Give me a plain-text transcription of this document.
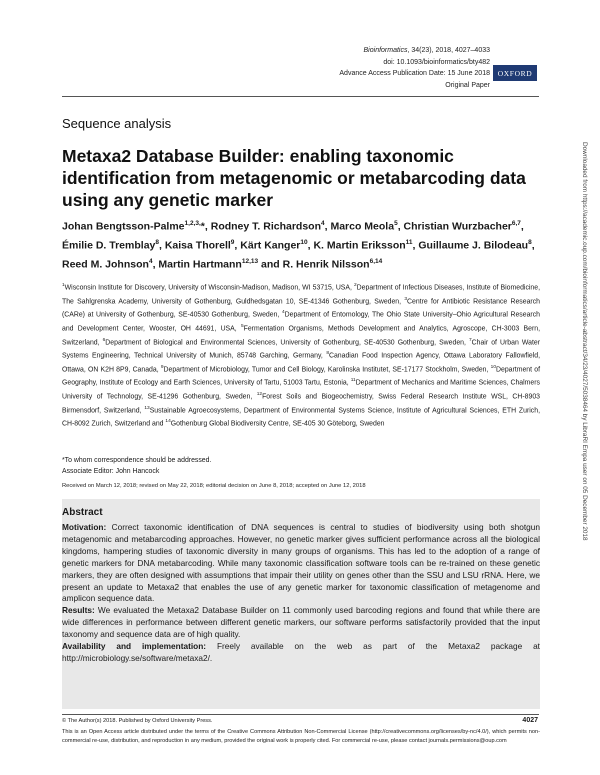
Bioinformatics, 34(23), 2018, 4027–4033
doi: 10.1093/bioinformatics/bty482
Advance Access Publication Date: 15 June 2018
Original Paper
OXFORD
Sequence analysis
Metaxa2 Database Builder: enabling taxonomic identification from metagenomic or metabarcoding data using any genetic marker
Johan Bengtsson-Palme$^{1,2,3,}$*, Rodney T. Richardson$^4$, Marco Meola$^5$, Christian Wurzbacher$^{6,7}$, Émilie D. Tremblay$^8$, Kaisa Thorell$^9$, Kärt Kanger$^{10}$, K. Martin Eriksson$^{11}$, Guillaume J. Bilodeau$^8$, Reed M. Johnson$^4$, Martin Hartmann$^{12,13}$ and R. Henrik Nilsson$^{6,14}$
$^1$Wisconsin Institute for Discovery, University of Wisconsin-Madison, Madison, WI 53715, USA, $^2$Department of Infectious Diseases, Institute of Biomedicine, The Sahlgrenska Academy, University of Gothenburg, Guldhedsgatan 10, SE-41346 Gothenburg, Sweden, $^3$Centre for Antibiotic Resistance Research (CARe) at University of Gothenburg, SE-40530 Gothenburg, Sweden, $^4$Department of Entomology, The Ohio State University–Ohio Agricultural Research and Development Center, Wooster, OH 44691, USA, $^5$Fermentation Organisms, Methods Development and Analytics, Agroscope, CH-3003 Bern, Switzerland, $^6$Department of Biological and Environmental Sciences, University of Gothenburg, SE-40530 Gothenburg, Sweden, $^7$Chair of Urban Water Systems Engineering, Technical University of Munich, 85748 Garching, Germany, $^8$Canadian Food Inspection Agency, Ottawa Laboratory Fallowfield, Ottawa, ON K2H 8P9, Canada, $^9$Department of Microbiology, Tumor and Cell Biology, Karolinska Institutet, SE-17177 Stockholm, Sweden, $^{10}$Department of Geography, Institute of Ecology and Earth Sciences, University of Tartu, 51003 Tartu, Estonia, $^{11}$Department of Mechanics and Maritime Sciences, Chalmers University of Technology, SE-41296 Gothenburg, Sweden, $^{12}$Forest Soils and Biogeochemistry, Swiss Federal Research Institute WSL, CH-8903 Birmensdorf, Switzerland, $^{13}$Sustainable Agroecosystems, Department of Environmental Systems Science, Institute of Agricultural Sciences, ETH Zurich, CH-8092 Zurich, Switzerland and $^{14}$Gothenburg Global Biodiversity Centre, SE-405 30 Göteborg, Sweden
*To whom correspondence should be addressed.
Associate Editor: John Hancock
Received on March 12, 2018; revised on May 22, 2018; editorial decision on June 8, 2018; accepted on June 12, 2018
Abstract

Motivation: Correct taxonomic identification of DNA sequences is central to studies of biodiversity using both shotgun metagenomic and metabarcoding approaches. However, no genetic marker gives sufficient performance across all the biological kingdoms, hampering studies of taxonomic diversity in many groups of organisms. This has led to the adoption of a range of genetic markers for DNA metabarcoding. While many taxonomic classification software tools can be re-trained on these genetic markers, they are often designed with assumptions that impair their utility on genes other than the SSU and LSU rRNA. Here, we present an update to Metaxa2 that enables the use of any genetic marker for taxonomic classification of metagenome and amplicon sequence data.

Results: We evaluated the Metaxa2 Database Builder on 11 commonly used barcoding regions and found that while there are wide differences in performance between different genetic markers, our software performs satisfactorily provided that the input taxonomy and sequence data are of high quality.

Availability and implementation: Freely available on the web as part of the Metaxa2 package at http://microbiology.se/software/metaxa2/.

© The Author(s) 2018. Published by Oxford University Press.	4027
This is an Open Access article distributed under the terms of the Creative Commons Attribution Non-Commercial License (http://creativecommons.org/licenses/by-nc/4.0/), which permits non-commercial re-use, distribution, and reproduction in any medium, provided the original work is properly cited. For commercial re-use, please contact journals.permissions@oup.com
Downloaded from https://academic.oup.com/bioinformatics/article-abstract/34/23/4027/5038464 by LibraRI Empa user on 05 December 2018
